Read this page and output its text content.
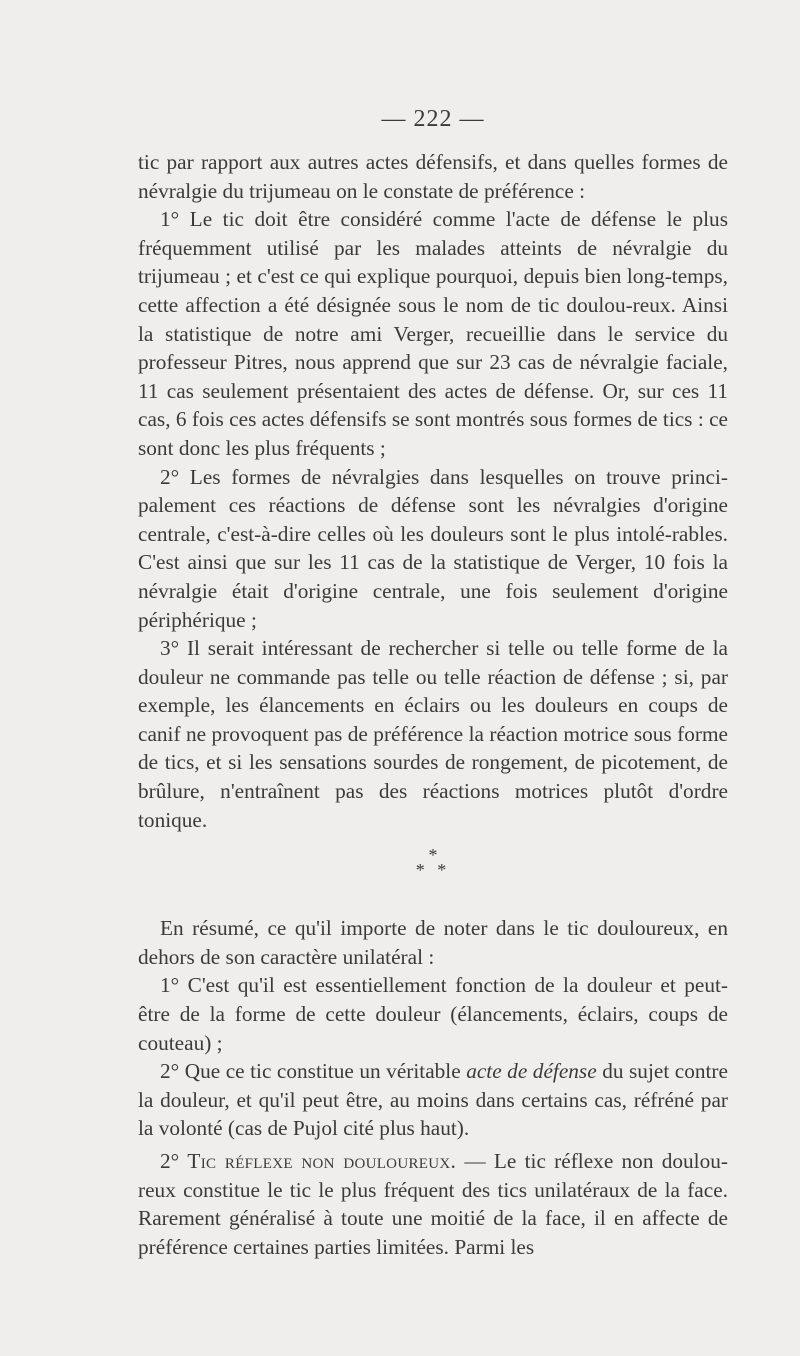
— 222 —

tic par rapport aux autres actes défensifs, et dans quelles formes de névralgie du trijumeau on le constate de préférence :

1° Le tic doit être considéré comme l'acte de défense le plus fréquemment utilisé par les malades atteints de névralgie du trijumeau ; et c'est ce qui explique pourquoi, depuis bien long-temps, cette affection a été désignée sous le nom de tic doulou-reux. Ainsi la statistique de notre ami Verger, recueillie dans le service du professeur Pitres, nous apprend que sur 23 cas de névralgie faciale, 11 cas seulement présentaient des actes de défense. Or, sur ces 11 cas, 6 fois ces actes défensifs se sont montrés sous formes de tics : ce sont donc les plus fréquents ;

2° Les formes de névralgies dans lesquelles on trouve princi-palement ces réactions de défense sont les névralgies d'origine centrale, c'est-à-dire celles où les douleurs sont le plus intolé-rables. C'est ainsi que sur les 11 cas de la statistique de Verger, 10 fois la névralgie était d'origine centrale, une fois seulement d'origine périphérique ;

3° Il serait intéressant de rechercher si telle ou telle forme de la douleur ne commande pas telle ou telle réaction de défense ; si, par exemple, les élancements en éclairs ou les douleurs en coups de canif ne provoquent pas de préférence la réaction motrice sous forme de tics, et si les sensations sourdes de rongement, de picotement, de brûlure, n'entraînent pas des réactions motrices plutôt d'ordre tonique.

*
* *

En résumé, ce qu'il importe de noter dans le tic douloureux, en dehors de son caractère unilatéral :

1° C'est qu'il est essentiellement fonction de la douleur et peut-être de la forme de cette douleur (élancements, éclairs, coups de couteau) ;

2° Que ce tic constitue un véritable acte de défense du sujet contre la douleur, et qu'il peut être, au moins dans certains cas, réfréné par la volonté (cas de Pujol cité plus haut).

2° Tic réflexe non douloureux. — Le tic réflexe non doulou-reux constitue le tic le plus fréquent des tics unilatéraux de la face. Rarement généralisé à toute une moitié de la face, il en affecte de préférence certaines parties limitées. Parmi les
